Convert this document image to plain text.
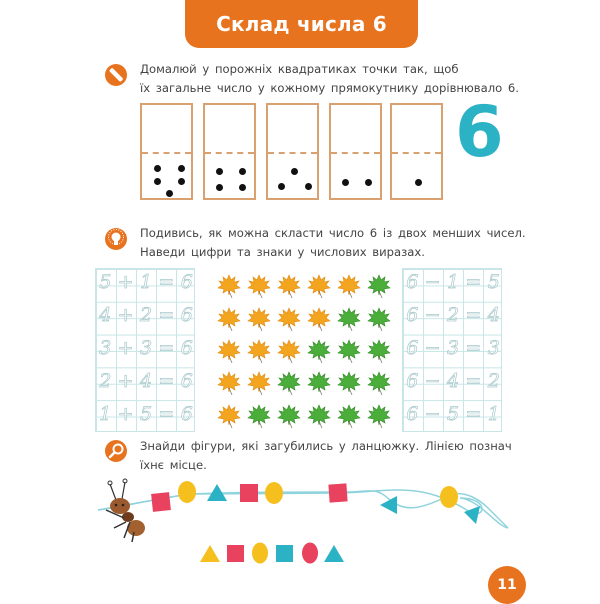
Склад числа 6
Домалюй у порожніх квадратиках точки так, щоб
їх загальне число у кожному прямокутнику дорівнювало 6.
6
Подивись, як можна скласти число 6 із двох менших чисел.
Наведи цифри та знаки у числових виразах.
5 + 1 = 6
4 + 2 = 6
3 + 3 = 6
2 + 4 = 6
1 + 5 = 6
6 − 1 = 5
6 − 2 = 4
6 − 3 = 3
6 − 4 = 2
6 − 5 = 1
Знайди фігури, які загубились у ланцюжку. Лінією познач
їхнє місце.
11
